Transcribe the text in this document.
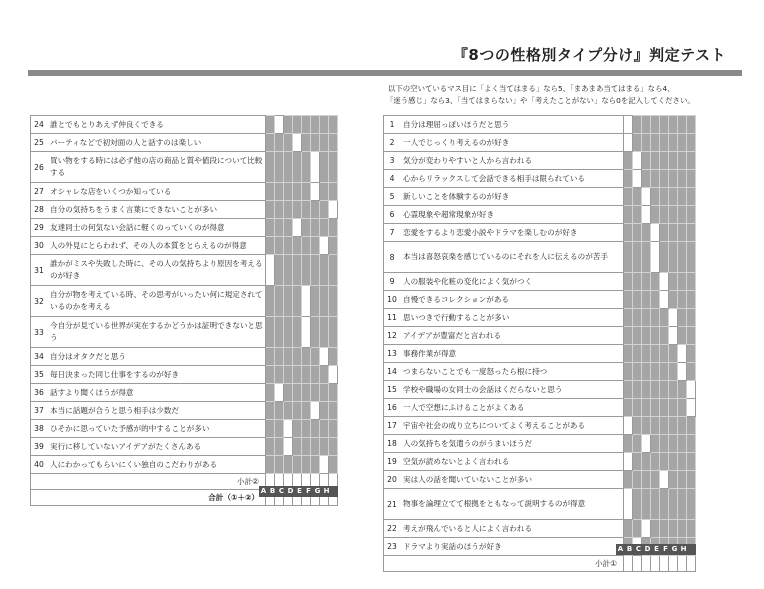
『8つの性格別タイプ分け』判定テスト
以下の空いているマス目に「よく当てはまる」なら5、「まあまあ当てはまる」なら4、
「迷う感じ」なら3、「当てはまらない」や「考えたことがない」なら0を記入してください。
24	誰とでもとりあえず仲良くできる								
25	パーティなどで初対面の人と話すのは楽しい								
26	買い物をする時には必ず他の店の商品と質や値段について比較する								
27	オシャレな店をいくつか知っている								
28	自分の気持ちをうまく言葉にできないことが多い								
29	友達同士の何気ない会話に軽くのっていくのが得意								
30	人の外見にとらわれず、その人の本質をとらえるのが得意								
31	誰かがミスや失敗した時に、その人の気持ちより原因を考えるのが好き								
32	自分が物を考えている時、その思考がいったい何に規定されているのかを考える								
33	今自分が見ている世界が実在するかどうかは証明できないと思う								
34	自分はオタクだと思う								
35	毎日決まった同じ仕事をするのが好き								
36	話すより聞くほうが得意								
37	本当に話題が合うと思う相手は少数だ								
38	ひそかに思っていた予感が的中することが多い								
39	実行に移していないアイデアがたくさんある								
40	人にわかってもらいにくい独自のこだわりがある								
小計②									
合計（①＋②）									
A B C D E F G H
1	自分は理屈っぽいほうだと思う								
2	一人でじっくり考えるのが好き								
3	気分が変わりやすいと人から言われる								
4	心からリラックスして会話できる相手は限られている								
5	新しいことを体験するのが好き								
6	心霊現象や超常現象が好き								
7	恋愛をするより恋愛小説やドラマを楽しむのが好き								
8	本当は喜怒哀楽を感じているのにそれを人に伝えるのが苦手								
9	人の服装や化粧の変化によく気がつく								
10	自慢できるコレクションがある								
11	思いつきで行動することが多い								
12	アイデアが豊富だと言われる								
13	事務作業が得意								
14	つまらないことでも一度怒ったら根に持つ								
15	学校や職場の女同士の会話はくだらないと思う								
16	一人で空想にふけることがよくある								
17	宇宙や社会の成り立ちについてよく考えることがある								
18	人の気持ちを気遣うのがうまいほうだ								
19	空気が読めないとよく言われる								
20	実は人の話を聞いていないことが多い								
21	物事を論理立てて根拠をともなって説明するのが得意								
22	考えが飛んでいると人によく言われる								
23	ドラマより実話のほうが好き								
小計①									
A B C D E F G H
